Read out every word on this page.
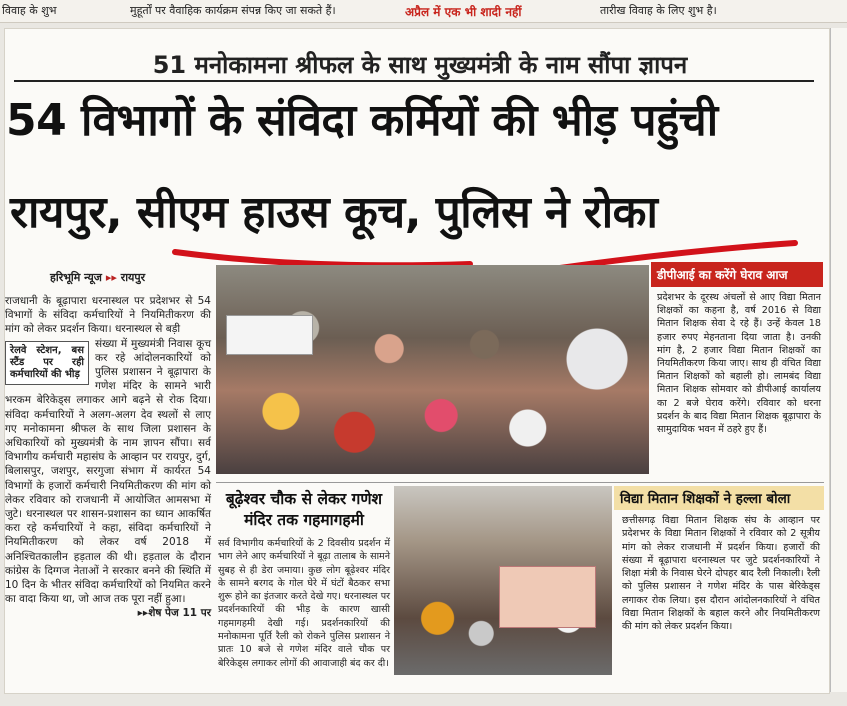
विवाह के शुभ	मुहूर्तों पर वैवाहिक कार्यक्रम संपन्न किए जा सकते हैं।	अप्रैल में एक भी शादी नहीं	तारीख विवाह के लिए शुभ है।
51 मनोकामना श्रीफल के साथ मुख्यमंत्री के नाम सौंपा ज्ञापन
54 विभागों के संविदा कर्मियों की भीड़ पहुंची
रायपुर, सीएम हाउस कूच, पुलिस ने रोका
हरिभूमि न्यूज ▸▸ रायपुर

राजधानी के बूढ़ापारा धरनास्थल पर प्रदेशभर से 54 विभागों के संविदा कर्मचारियों ने नियमितीकरण की मांग को लेकर प्रदर्शन किया। धरनास्थल से बड़ी

रेलवे स्टेशन, बस स्टैंड पर रही कर्मचारियों की भीड़

संख्या में मुख्यमंत्री निवास कूच कर रहे आंदोलनकारियों को पुलिस प्रशासन ने बूढ़ापारा के गणेश मंदिर के सामने भारी भरकम बेरिकेड्स लगाकर आगे बढ़ने से रोक दिया। संविदा कर्मचारियों ने अलग-अलग देव स्थलों से लाए गए मनोकामना श्रीफल के साथ जिला प्रशासन के अधिकारियों को मुख्यमंत्री के नाम ज्ञापन सौंपा। सर्व विभागीय कर्मचारी महासंघ के आव्हान पर रायपुर, दुर्ग, बिलासपुर, जशपुर, सरगुजा संभाग में कार्यरत 54 विभागों के हजारों कर्मचारी नियमितीकरण की मांग को लेकर रविवार को राजधानी में आयोजित आमसभा में जुटे। धरनास्थल पर शासन-प्रशासन का ध्यान आकर्षित करा रहे कर्मचारियों ने कहा, संविदा कर्मचारियों ने नियमितीकरण को लेकर वर्ष 2018 में अनिश्चितकालीन हड़ताल की थी। हड़ताल के दौरान कांग्रेस के दिग्गज नेताओं ने सरकार बनने की स्थिति में 10 दिन के भीतर संविदा कर्मचारियों को नियमित करने का वादा किया था, जो आज तक पूरा नहीं हुआ।

▸▸शेष पेज 11 पर
डीपीआई का करेंगे घेराव आज
प्रदेशभर के दूरस्थ अंचलों से आए विद्या मितान शिक्षकों का कहना है, वर्ष 2016 से विद्या मितान शिक्षक सेवा दे रहे हैं। उन्हें केवल 18 हजार रुपए मेहनताना दिया जाता है। उनकी मांग है, 2 हजार विद्या मितान शिक्षकों का नियमितीकरण किया जाए। साथ ही वंचित विद्या मितान शिक्षकों को बहाली हो। लामबंद विद्या मितान शिक्षक सोमवार को डीपीआई कार्यालय का 2 बजे घेराव करेंगे। रविवार को धरना प्रदर्शन के बाद विद्या मितान शिक्षक बूढ़ापारा के सामुदायिक भवन में ठहरे हुए हैं।
बूढ़ेश्वर चौक से लेकर गणेश मंदिर तक गहमागहमी
सर्व विभागीय कर्मचारियों के 2 दिवसीय प्रदर्शन में भाग लेने आए कर्मचारियों ने बूढ़ा तालाब के सामने सुबह से ही डेरा जमाया। कुछ लोग बूढ़ेश्वर मंदिर के सामने बरगद के गोल घेरे में घंटों बैठकर सभा शुरू होने का इंतजार करते देखे गए। धरनास्थल पर प्रदर्शनकारियों की भीड़ के कारण खासी गहमागहमी देखी गई। प्रदर्शनकारियों की मनोकामना पूर्ति रैली को रोकने पुलिस प्रशासन ने प्रातः 10 बजे से गणेश मंदिर वाले चौक पर बेरिकेड्स लगाकर लोगों की आवाजाही बंद कर दी।
विद्या मितान शिक्षकों ने हल्ला बोला
छत्तीसगढ़ विद्या मितान शिक्षक संघ के आव्हान पर प्रदेशभर के विद्या मितान शिक्षकों ने रविवार को 2 सूत्रीय मांग को लेकर राजधानी में प्रदर्शन किया। हजारों की संख्या में बूढ़ापारा धरनास्थल पर जुटे प्रदर्शनकारियों ने शिक्षा मंत्री के निवास घेरने दोपहर बाद रैली निकाली। रैली को पुलिस प्रशासन ने गणेश मंदिर के पास बेरिकेड्स लगाकर रोक लिया। इस दौरान आंदोलनकारियों ने वंचित विद्या मितान शिक्षकों के बहाल करने और नियमितीकरण की मांग को लेकर प्रदर्शन किया।
